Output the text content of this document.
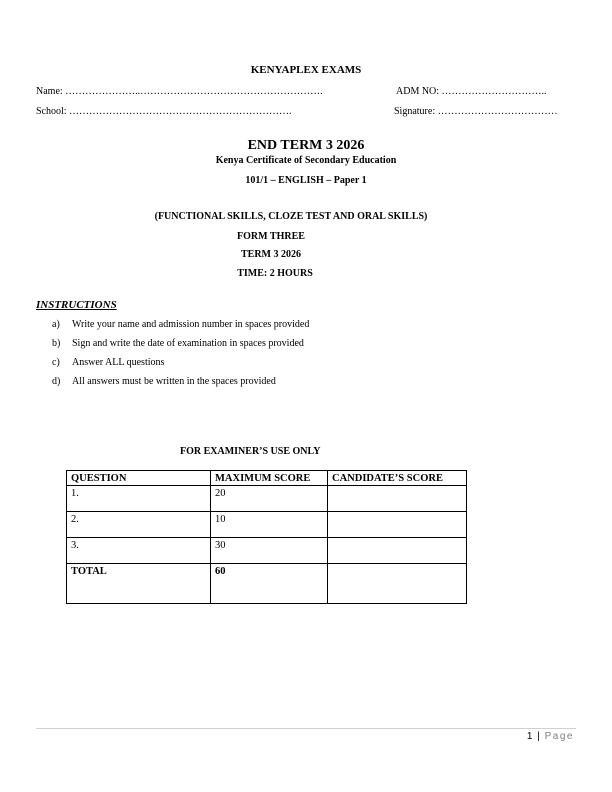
KENYAPLEX EXAMS
Name: …………………..……………………………………………….	ADM NO: …………………………..
School: ………………………………………………………….	Signature: ………………………………
END TERM 3 2026
Kenya Certificate of Secondary Education
101/1 – ENGLISH – Paper 1
(FUNCTIONAL SKILLS, CLOZE TEST AND ORAL SKILLS)
FORM THREE
TERM 3 2026
TIME: 2 HOURS
INSTRUCTIONS
a) Write your name and admission number in spaces provided
b) Sign and write the date of examination in spaces provided
c) Answer ALL questions
d) All answers must be written in the spaces provided
FOR EXAMINER’S USE ONLY
QUESTION	MAXIMUM SCORE	CANDIDATE’S SCORE
1.	20	
2.	10	
3.	30	
TOTAL	60	
1 | Page
